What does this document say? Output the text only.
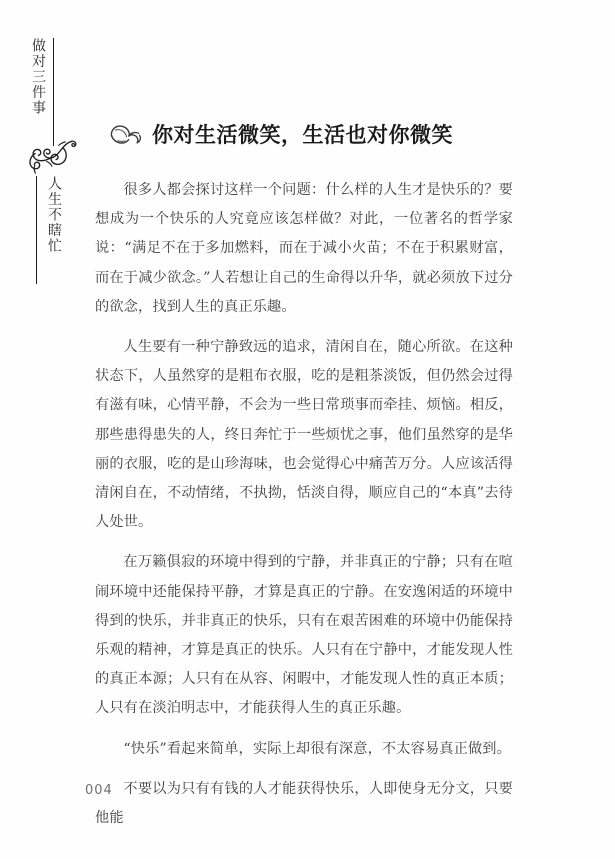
做对三件事
人生不瞎忙
你对生活微笑，生活也对你微笑

很多人都会探讨这样一个问题：什么样的人生才是快乐的？要想成为一个快乐的人究竟应该怎样做？对此，一位著名的哲学家说：“满足不在于多加燃料，而在于减小火苗；不在于积累财富，而在于减少欲念。”人若想让自己的生命得以升华，就必须放下过分的欲念，找到人生的真正乐趣。

人生要有一种宁静致远的追求，清闲自在，随心所欲。在这种状态下，人虽然穿的是粗布衣服，吃的是粗茶淡饭，但仍然会过得有滋有味，心情平静，不会为一些日常琐事而牵挂、烦恼。相反，那些患得患失的人，终日奔忙于一些烦忧之事，他们虽然穿的是华丽的衣服，吃的是山珍海味，也会觉得心中痛苦万分。人应该活得清闲自在，不动情绪，不执拗，恬淡自得，顺应自己的“本真”去待人处世。

在万籁俱寂的环境中得到的宁静，并非真正的宁静；只有在喧闹环境中还能保持平静，才算是真正的宁静。在安逸闲适的环境中得到的快乐，并非真正的快乐，只有在艰苦困难的环境中仍能保持乐观的精神，才算是真正的快乐。人只有在宁静中，才能发现人性的真正本源；人只有在从容、闲暇中，才能发现人性的真正本质；人只有在淡泊明志中，才能获得人生的真正乐趣。

“快乐”看起来简单，实际上却很有深意，不太容易真正做到。

不要以为只有有钱的人才能获得快乐，人即使身无分文，只要他能

004
